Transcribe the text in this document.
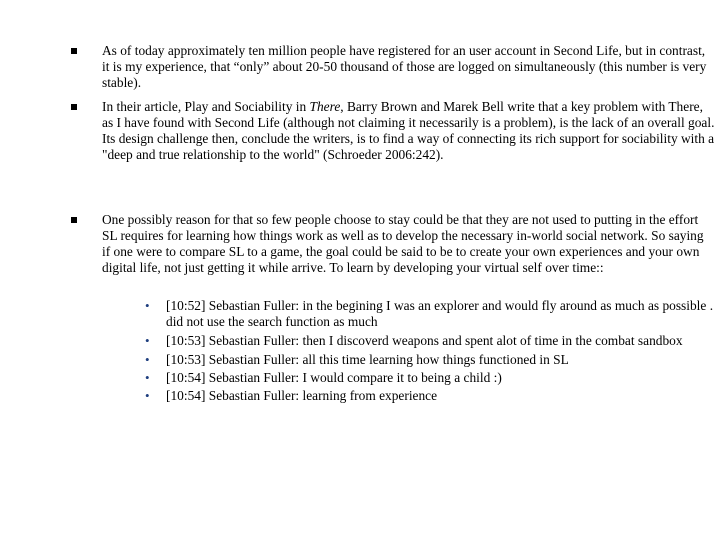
As of today approximately ten million people have registered for an user account in Second Life, but in contrast, it is my experience, that “only” about 20-50 thousand of those are logged on simultaneously (this number is very stable).
In their article, Play and Sociability in There, Barry Brown and Marek Bell write that a key problem with There, as I have found with Second Life (although not claiming it necessarily is a problem), is the lack of an overall goal. Its design challenge then, conclude the writers, is to find a way of connecting its rich support for sociability with a "deep and true relationship to the world" (Schroeder 2006:242).
One possibly reason for that so few people choose to stay could be that they are not used to putting in the effort SL requires for learning how things work as well as to develop the necessary in-world social network. So saying if one were to compare SL to a game, the goal could be said to be to create your own experiences and your own digital life, not just getting it while arrive. To learn by developing your virtual self over time::
• [10:52] Sebastian Fuller: in the begining I was an explorer and would fly around as much as possible . did not use the search function as much
• [10:53] Sebastian Fuller: then I discoverd weapons and spent alot of time in the combat sandbox
• [10:53] Sebastian Fuller: all this time learning how things functioned in SL
• [10:54] Sebastian Fuller: I would compare it to being a child :)
• [10:54] Sebastian Fuller: learning from experience
